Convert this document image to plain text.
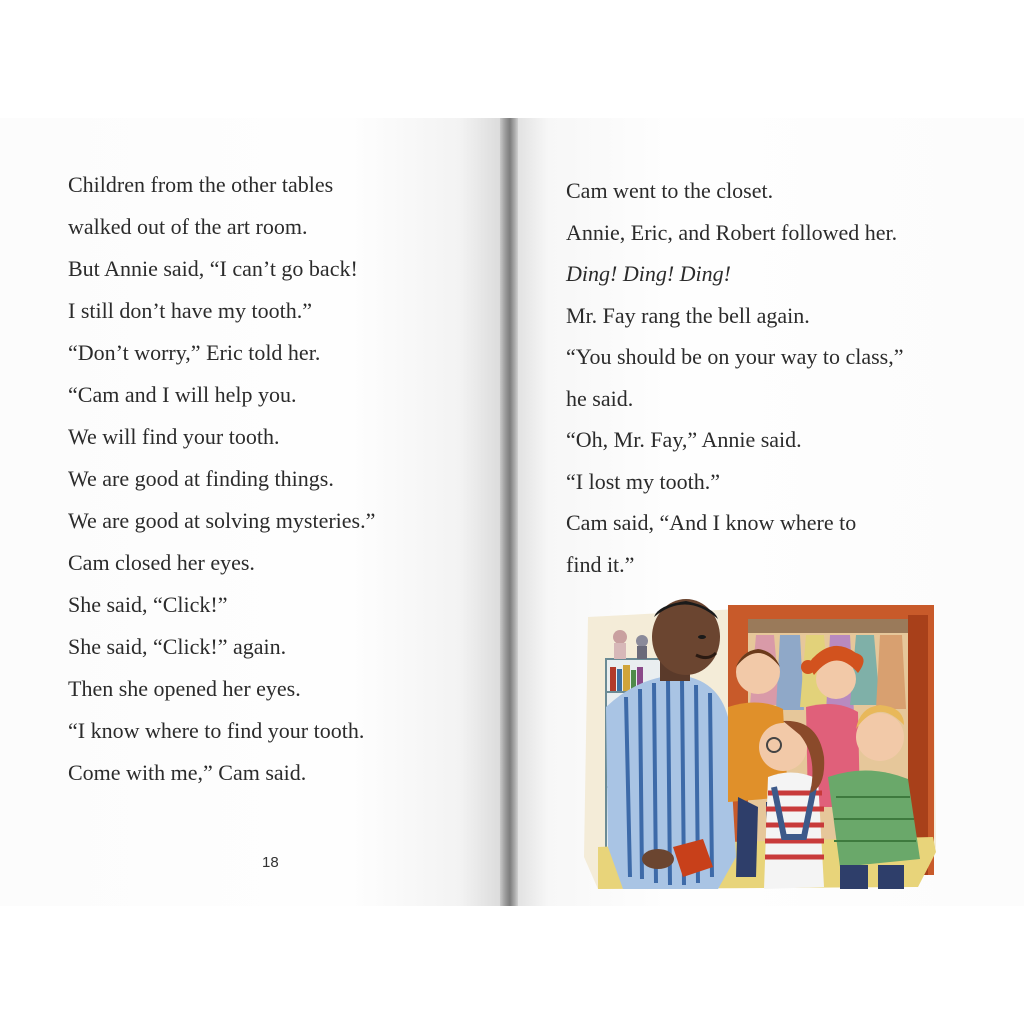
Children from the other tables
walked out of the art room.
But Annie said, “I can’t go back!
I still don’t have my tooth.”
“Don’t worry,” Eric told her.
“Cam and I will help you.
We will find your tooth.
We are good at finding things.
We are good at solving mysteries.”
Cam closed her eyes.
She said, “Click!”
She said, “Click!” again.
Then she opened her eyes.
“I know where to find your tooth.
Come with me,” Cam said.
18
Cam went to the closet.
Annie, Eric, and Robert followed her.
Ding! Ding! Ding!
Mr. Fay rang the bell again.
“You should be on your way to class,”
he said.
“Oh, Mr. Fay,” Annie said.
“I lost my tooth.”
Cam said, “And I know where to
find it.”
